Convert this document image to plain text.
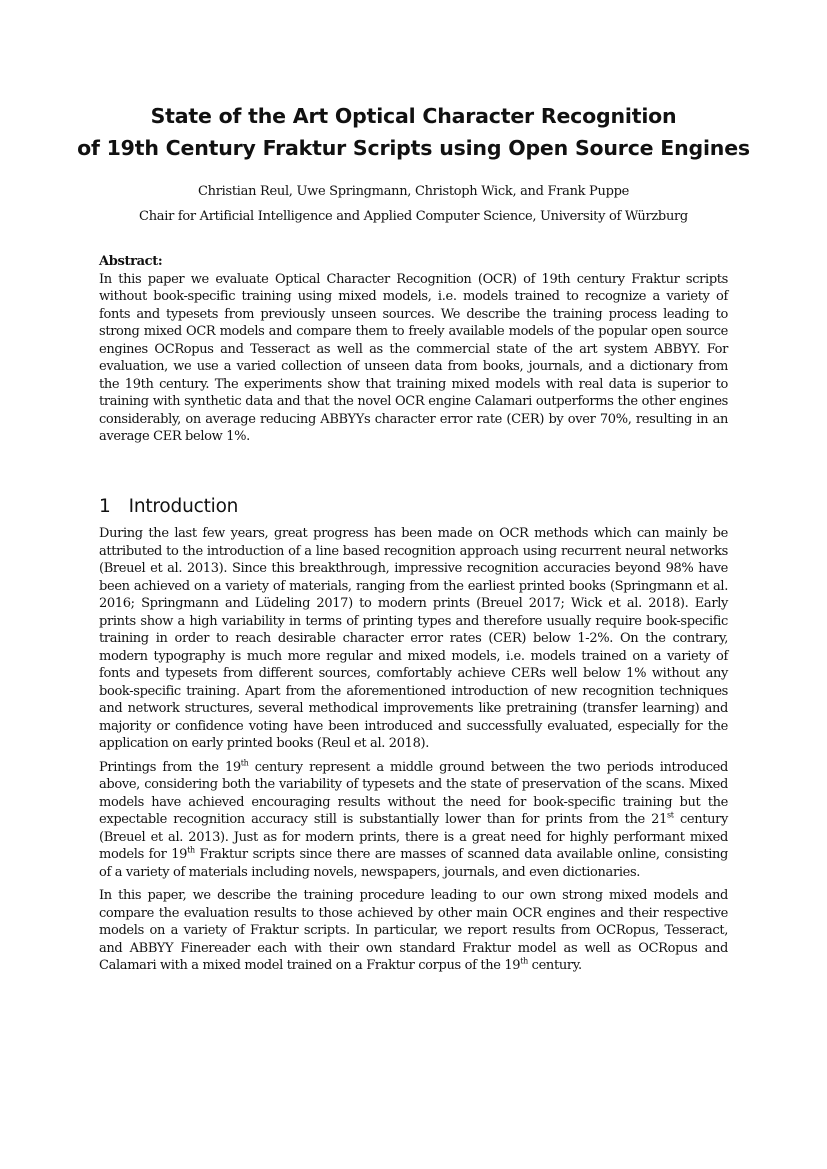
State of the Art Optical Character Recognition
of 19th Century Fraktur Scripts using Open Source Engines
Christian Reul, Uwe Springmann, Christoph Wick, and Frank Puppe
Chair for Artificial Intelligence and Applied Computer Science, University of Würzburg
Abstract:

In this paper we evaluate Optical Character Recognition (OCR) of 19th century Fraktur scripts without book-specific training using mixed models, i.e. models trained to recognize a variety of fonts and typesets from previously unseen sources. We describe the training process leading to strong mixed OCR models and compare them to freely available models of the popular open source engines OCRopus and Tesseract as well as the commercial state of the art system ABBYY. For evaluation, we use a varied collection of unseen data from books, journals, and a dictionary from the 19th century. The experiments show that training mixed models with real data is superior to training with synthetic data and that the novel OCR engine Calamari outperforms the other engines considerably, on average reducing ABBYYs character error rate (CER) by over 70%, resulting in an average CER below 1%.

1 Introduction

During the last few years, great progress has been made on OCR methods which can mainly be attributed to the introduction of a line based recognition approach using recurrent neural networks (Breuel et al. 2013). Since this breakthrough, impressive recognition accuracies beyond 98% have been achieved on a variety of materials, ranging from the earliest printed books (Springmann et al. 2016; Springmann and Lüdeling 2017) to modern prints (Breuel 2017; Wick et al. 2018). Early prints show a high variability in terms of printing types and therefore usually require book-specific training in order to reach desirable character error rates (CER) below 1-2%. On the contrary, modern typography is much more regular and mixed models, i.e. models trained on a variety of fonts and typesets from different sources, comfortably achieve CERs well below 1% without any book-specific training. Apart from the aforementioned introduction of new recognition techniques and network structures, several methodical improvements like pretraining (transfer learning) and majority or confidence voting have been introduced and successfully evaluated, especially for the application on early printed books (Reul et al. 2018).

Printings from the 19th century represent a middle ground between the two periods introduced above, considering both the variability of typesets and the state of preservation of the scans. Mixed models have achieved encouraging results without the need for book-specific training but the expectable recognition accuracy still is substantially lower than for prints from the 21st century (Breuel et al. 2013). Just as for modern prints, there is a great need for highly performant mixed models for 19th Fraktur scripts since there are masses of scanned data available online, consisting of a variety of materials including novels, newspapers, journals, and even dictionaries.

In this paper, we describe the training procedure leading to our own strong mixed models and compare the evaluation results to those achieved by other main OCR engines and their respective models on a variety of Fraktur scripts. In particular, we report results from OCRopus, Tesseract, and ABBYY Finereader each with their own standard Fraktur model as well as OCRopus and Calamari with a mixed model trained on a Fraktur corpus of the 19th century.
